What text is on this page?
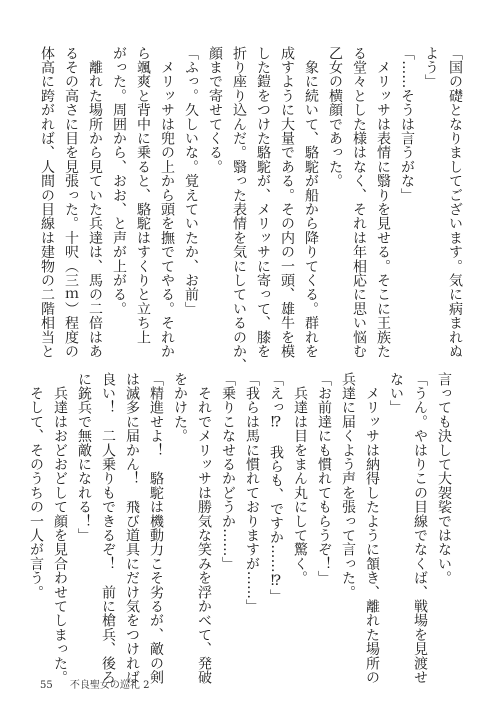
「国の礎となりましてございます。気に病まれぬ
よう」
「……そうは言うがな」
　メリッサは表情に翳りを見せる。そこに王族た
る堂々とした様はなく、それは年相応に思い悩む
乙女の横顔であった。
　象に続いて、駱駝が船から降りてくる。群れを
成すように大量である。その内の一頭、雄牛を模
した鎧をつけた駱駝が、メリッサに寄って、膝を
折り座り込んだ。翳った表情を気にしているのか、
顔まで寄せてくる。
「ふっ。久しいな。覚えていたか、お前」
　メリッサは兜の上から頭を撫でてやる。それか
ら颯爽と背中に乗ると、駱駝はすくりと立ち上
がった。周囲から、おお、と声が上がる。
　離れた場所から見ていた兵達は、馬の二倍はあ
るその高さに目を見張った。十呎（三ｍ）程度の
体高に跨がれば、人間の目線は建物の二階相当と
言っても決して大袈裟ではない。
「うん。やはりこの目線でなくば、戦場を見渡せ
ない」
　メリッサは納得したように頷き、離れた場所の
兵達に届くよう声を張って言った。
「お前達にも慣れてもらうぞ！」
　兵達は目をまん丸にして驚く。
「えっ⁉　我らも、ですか……⁉」
「我らは馬に慣れておりますが……」
「乗りこなせるかどうか……」
　それでメリッサは勝気な笑みを浮かべて、発破
をかけた。
「精進せよ！　駱駝は機動力こそ劣るが、敵の剣
は滅多に届かん！　飛び道具にだけ気をつければ
良い！　二人乗りもできるぞ！　前に槍兵、後ろ
に銃兵で無敵になれる！」
　兵達はおどおどして顔を見合わせてしまった。
　そして、そのうちの一人が言う。
55 不良聖女の巡礼 2
